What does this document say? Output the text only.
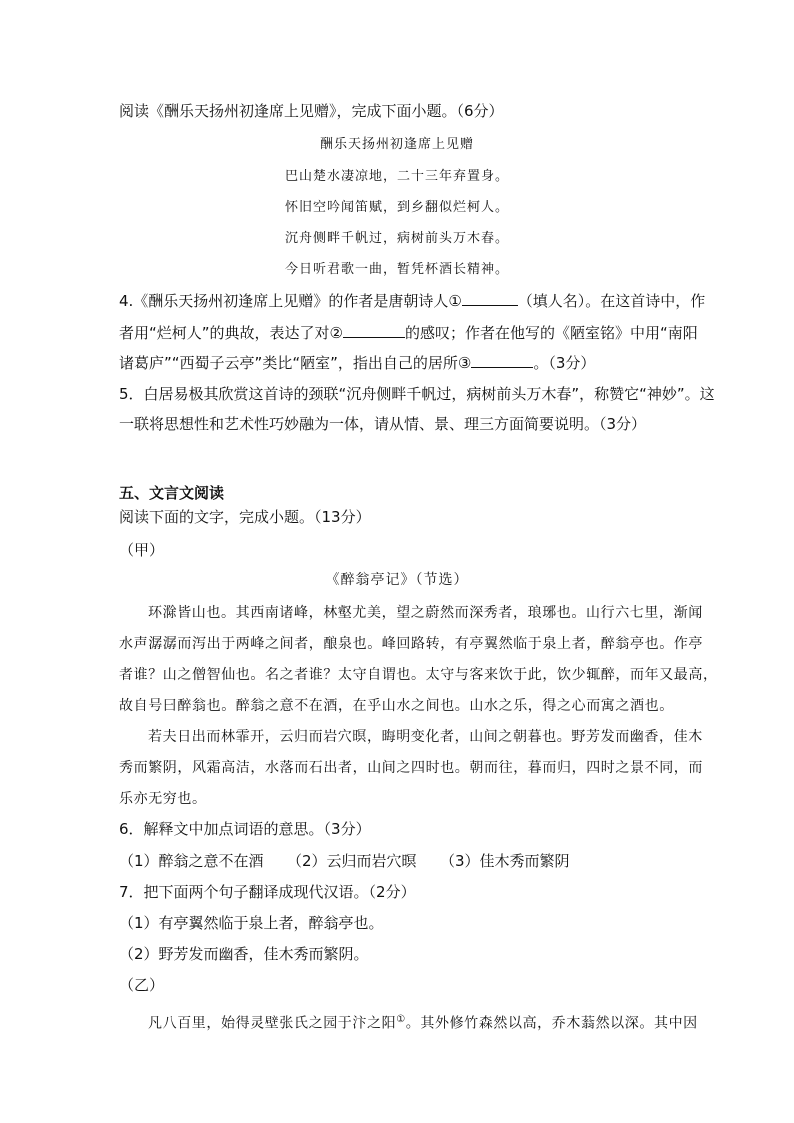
阅读《酬乐天扬州初逢席上见赠》，完成下面小题。（6分）
酬乐天扬州初逢席上见赠
巴山楚水凄凉地，二十三年弃置身。
怀旧空吟闻笛赋，到乡翻似烂柯人。
沉舟侧畔千帆过，病树前头万木春。
今日听君歌一曲，暂凭杯酒长精神。
4.《酬乐天扬州初逢席上见赠》的作者是唐朝诗人①	（填人名）。在这首诗中，作
者用“烂柯人”的典故，表达了对②	的感叹；作者在他写的《陋室铭》中用“南阳
诸葛庐”“西蜀子云亭”类比“陋室”，指出自己的居所③	。（3分）
5．白居易极其欣赏这首诗的颈联“沉舟侧畔千帆过，病树前头万木春”，称赞它“神妙”。这
一联将思想性和艺术性巧妙融为一体，请从情、景、理三方面简要说明。（3分）
五、文言文阅读
阅读下面的文字，完成小题。（13分）
（甲）
《醉翁亭记》（节选）
环滁皆山也。其西南诸峰，林壑尤美，望之蔚然而深秀者，琅琊也。山行六七里，渐闻
水声潺潺而泻出于两峰之间者，酿泉也。峰回路转，有亭翼然临于泉上者，醉翁亭也。作亭
者谁？山之僧智仙也。名之者谁？太守自谓也。太守与客来饮于此，饮少辄醉，而年又最高，
故自号曰醉翁也。醉翁之意不在酒，在乎山水之间也。山水之乐，得之心而寓之酒也。
若夫日出而林霏开，云归而岩穴暝，晦明变化者，山间之朝暮也。野芳发而幽香，佳木
秀而繁阴，风霜高洁，水落而石出者，山间之四时也。朝而往，暮而归，四时之景不同，而
乐亦无穷也。
6．解释文中加点词语的意思。（3分）
（1）醉翁之意不在酒 （2）云归而岩穴暝 （3）佳木秀而繁阴
7．把下面两个句子翻译成现代汉语。（2分）
（1）有亭翼然临于泉上者，醉翁亭也。
（2）野芳发而幽香，佳木秀而繁阴。
（乙）
凡八百里，始得灵壁张氏之园于汴之阳①。其外修竹森然以高，乔木蓊然以深。其中因
